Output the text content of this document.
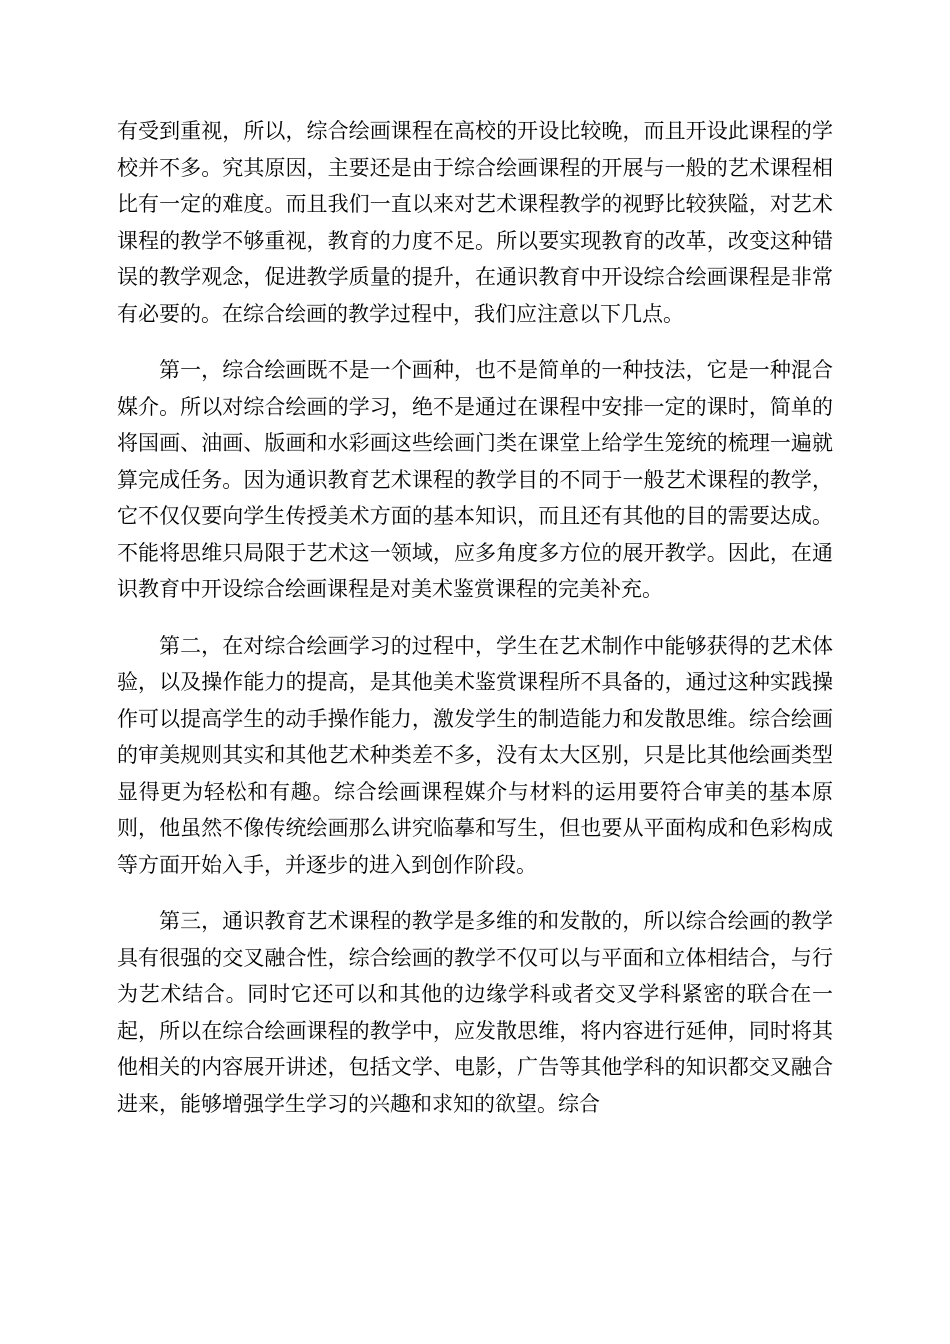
有受到重视，所以，综合绘画课程在高校的开设比较晚，而且开设此课程的学校并不多。究其原因，主要还是由于综合绘画课程的开展与一般的艺术课程相比有一定的难度。而且我们一直以来对艺术课程教学的视野比较狭隘，对艺术课程的教学不够重视，教育的力度不足。所以要实现教育的改革，改变这种错误的教学观念，促进教学质量的提升，在通识教育中开设综合绘画课程是非常有必要的。在综合绘画的教学过程中，我们应注意以下几点。

第一，综合绘画既不是一个画种，也不是简单的一种技法，它是一种混合媒介。所以对综合绘画的学习，绝不是通过在课程中安排一定的课时，简单的将国画、油画、版画和水彩画这些绘画门类在课堂上给学生笼统的梳理一遍就算完成任务。因为通识教育艺术课程的教学目的不同于一般艺术课程的教学，它不仅仅要向学生传授美术方面的基本知识，而且还有其他的目的需要达成。不能将思维只局限于艺术这一领域，应多角度多方位的展开教学。因此，在通识教育中开设综合绘画课程是对美术鉴赏课程的完美补充。

第二，在对综合绘画学习的过程中，学生在艺术制作中能够获得的艺术体验，以及操作能力的提高，是其他美术鉴赏课程所不具备的，通过这种实践操作可以提高学生的动手操作能力，激发学生的制造能力和发散思维。综合绘画的审美规则其实和其他艺术种类差不多，没有太大区别，只是比其他绘画类型显得更为轻松和有趣。综合绘画课程媒介与材料的运用要符合审美的基本原则，他虽然不像传统绘画那么讲究临摹和写生，但也要从平面构成和色彩构成等方面开始入手，并逐步的进入到创作阶段。

第三，通识教育艺术课程的教学是多维的和发散的，所以综合绘画的教学具有很强的交叉融合性，综合绘画的教学不仅可以与平面和立体相结合，与行为艺术结合。同时它还可以和其他的边缘学科或者交叉学科紧密的联合在一起，所以在综合绘画课程的教学中，应发散思维，将内容进行延伸，同时将其他相关的内容展开讲述，包括文学、电影，广告等其他学科的知识都交叉融合进来，能够增强学生学习的兴趣和求知的欲望。综合
